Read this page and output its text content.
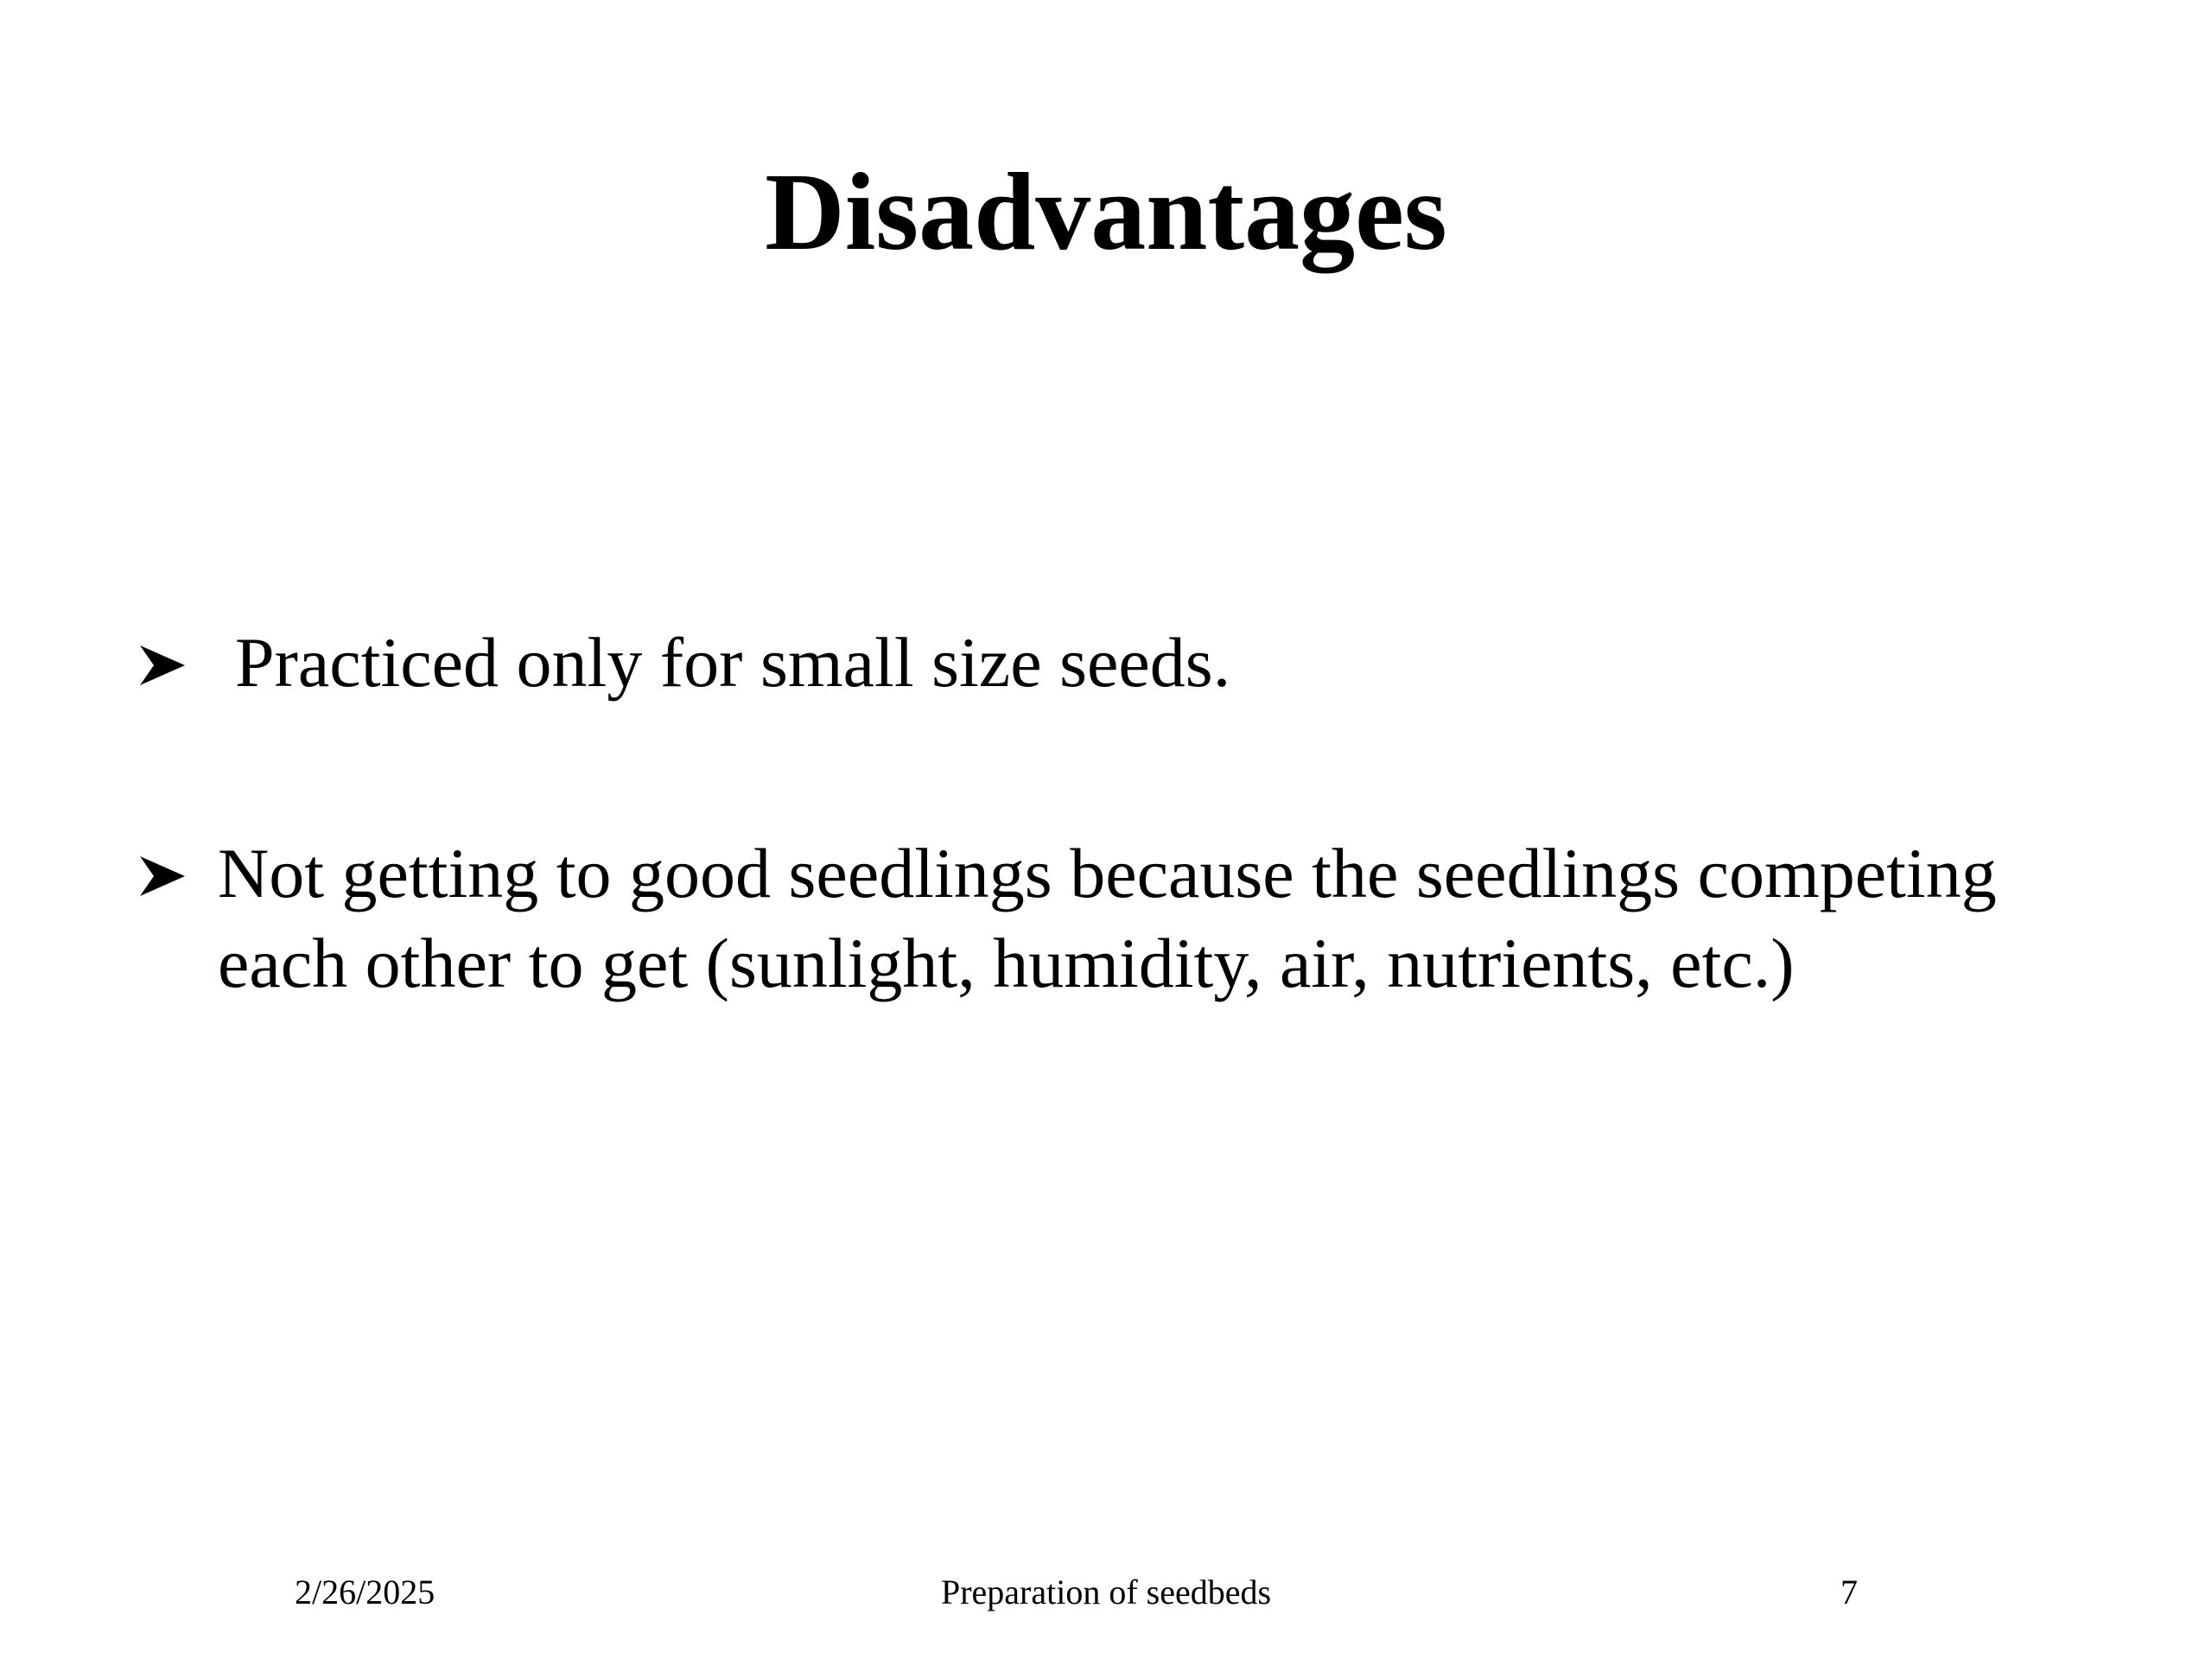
Disadvantages
Practiced only for small size seeds.
Not getting to good seedlings because the seedlings competing each other to get (sunlight, humidity, air, nutrients, etc.)
2/26/2025	Preparation of seedbeds	7
